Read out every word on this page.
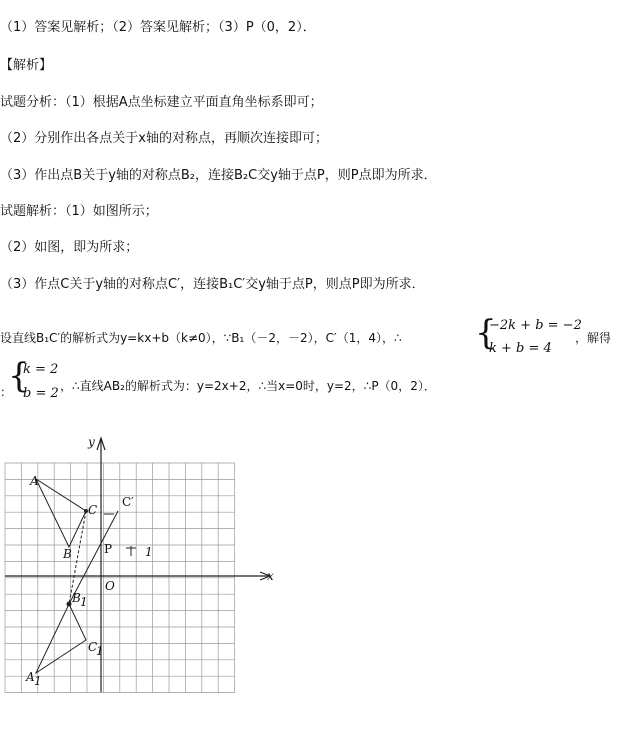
（1）答案见解析；（2）答案见解析；（3）P（0，2）．
【解析】
试题分析：（1）根据A点坐标建立平面直角坐标系即可；
（2）分别作出各点关于x轴的对称点，再顺次连接即可；
（3）作出点B关于y轴的对称点B₂，连接B₂C交y轴于点P，则P点即为所求．
试题解析：（1）如图所示；
（2）如图，即为所求；
（3）作点C关于y轴的对称点C′，连接B₁C′交y轴于点P，则点P即为所求．
设直线B₁C′的解析式为y=kx+b（k≠0），∵B₁（－2，－2），C′（1，4），∴ {
−2k + b = −2
k + b = 4
，解得
：
{
k = 2
b = 2 ，∴直线AB₂的解析式为：y=2x+2，∴当x=0时，y=2，∴P（0，2）．
x
y
O
A
B
C
C′
P	1
B 1
C
1
A 1
